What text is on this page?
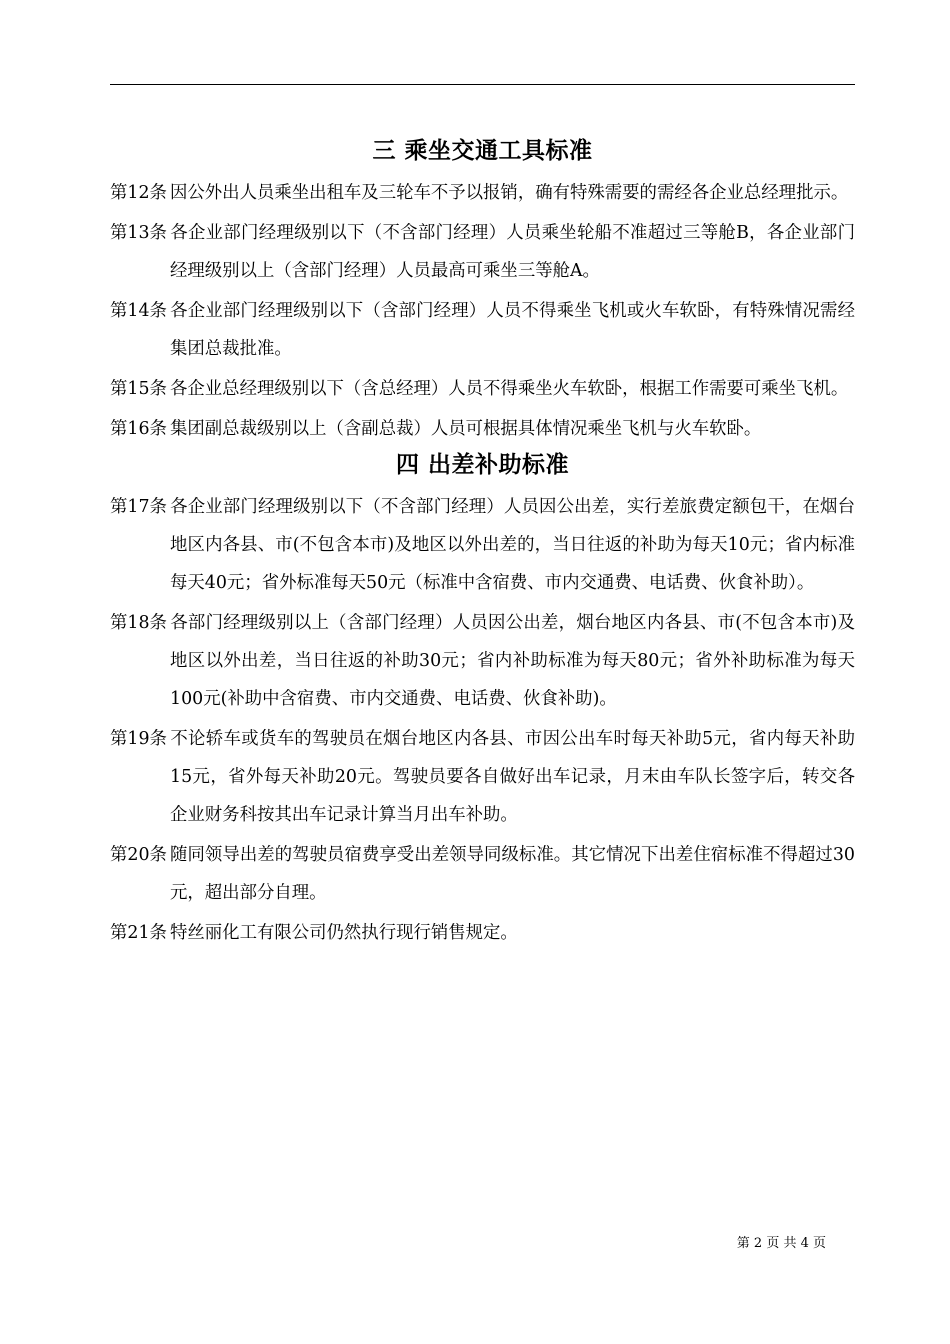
三 乘坐交通工具标准

第12条 因公外出人员乘坐出租车及三轮车不予以报销，确有特殊需要的需经各企业总经理批示。

第13条 各企业部门经理级别以下（不含部门经理）人员乘坐轮船不准超过三等舱B，各企业部门经理级别以上（含部门经理）人员最高可乘坐三等舱A。

第14条 各企业部门经理级别以下（含部门经理）人员不得乘坐飞机或火车软卧，有特殊情况需经集团总裁批准。

第15条 各企业总经理级别以下（含总经理）人员不得乘坐火车软卧，根据工作需要可乘坐飞机。

第16条 集团副总裁级别以上（含副总裁）人员可根据具体情况乘坐飞机与火车软卧。

四 出差补助标准

第17条 各企业部门经理级别以下（不含部门经理）人员因公出差，实行差旅费定额包干，在烟台地区内各县、市(不包含本市)及地区以外出差的，当日往返的补助为每天10元；省内标准每天40元；省外标准每天50元（标准中含宿费、市内交通费、电话费、伙食补助）。

第18条 各部门经理级别以上（含部门经理）人员因公出差，烟台地区内各县、市(不包含本市)及地区以外出差，当日往返的补助30元；省内补助标准为每天80元；省外补助标准为每天100元(补助中含宿费、市内交通费、电话费、伙食补助)。

第19条 不论轿车或货车的驾驶员在烟台地区内各县、市因公出车时每天补助5元，省内每天补助15元，省外每天补助20元。驾驶员要各自做好出车记录，月末由车队长签字后，转交各企业财务科按其出车记录计算当月出车补助。

第20条 随同领导出差的驾驶员宿费享受出差领导同级标准。其它情况下出差住宿标准不得超过30元，超出部分自理。

第21条 特丝丽化工有限公司仍然执行现行销售规定。

第 2 页 共 4 页
